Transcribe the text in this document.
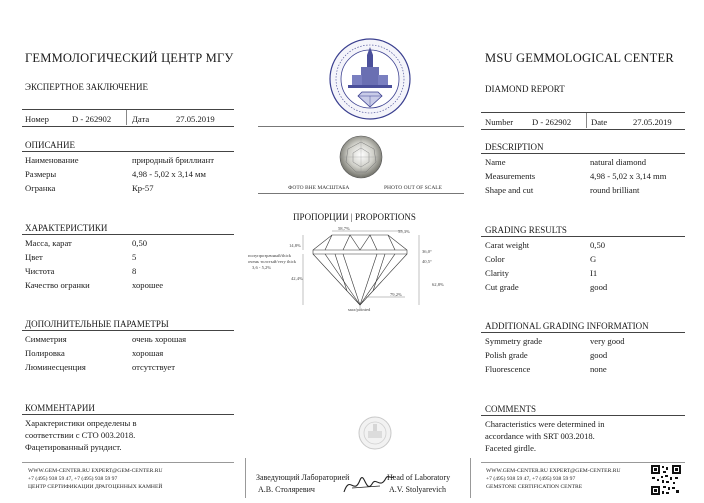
ГЕММОЛОГИЧЕСКИЙ ЦЕНТР МГУ
ЭКСПЕРТНОЕ ЗАКЛЮЧЕНИЕ
Номер	D - 262902 Дата	27.05.2019
ОПИСАНИЕ
Наименование	природный бриллиант
Размеры	4,98 - 5,02 х 3,14 мм
Огранка	Кр-57
ХАРАКТЕРИСТИКИ
Масса, карат	0,50
Цвет	5
Чистота	8
Качество огранки	хорошее
ДОПОЛНИТЕЛЬНЫЕ ПАРАМЕТРЫ
Симметрия	очень хорошая
Полировка	хорошая
Люминесценция	отсутствует
КОММЕНТАРИИ
Характеристики определены в
соответствии с СТО 003.2018.
Фацетированный рундист.
WWW.GEM-CENTER.RU EXPERT@GEM-CENTER.RU
+7 (495) 938 59 47, +7 (495) 938 59 97
ЦЕНТР СЕРТИФИКАЦИИ ДРАГОЦЕННЫХ КАМНЕЙ
ФОТО ВНЕ МАСШТАБА	PHOTO OUT OF SCALE
ПРОПОРЦИИ | PROPORTIONS
58,7%
55,3%
14,8%
36,0°
40,5°
полупрозрачный/thick
очень толстый/very thick
3,6 - 5,2%
42,4%
62,8%
79,2%
мал/pointed
Заведующий Лабораторией
А.В. Столяревич
Head of Laboratory
A.V. Stolyarevich
MSU GEMMOLOGICAL CENTER
DIAMOND REPORT
Number D - 262902 Date	27.05.2019
DESCRIPTION
Name	natural diamond
Measurements	4,98 - 5,02 x 3,14 mm
Shape and cut	round brilliant
GRADING RESULTS
Carat weight	0,50
Color	G
Clarity	I1
Cut grade	good
ADDITIONAL GRADING INFORMATION
Symmetry grade	very good
Polish grade	good
Fluorescence	none
COMMENTS
Characteristics were determined in
accordance with SRT 003.2018.
Faceted girdle.
WWW.GEM-CENTER.RU EXPERT@GEM-CENTER.RU
+7 (495) 938 59 47, +7 (495) 938 59 97
GEMSTONE CERTIFICATION CENTRE
